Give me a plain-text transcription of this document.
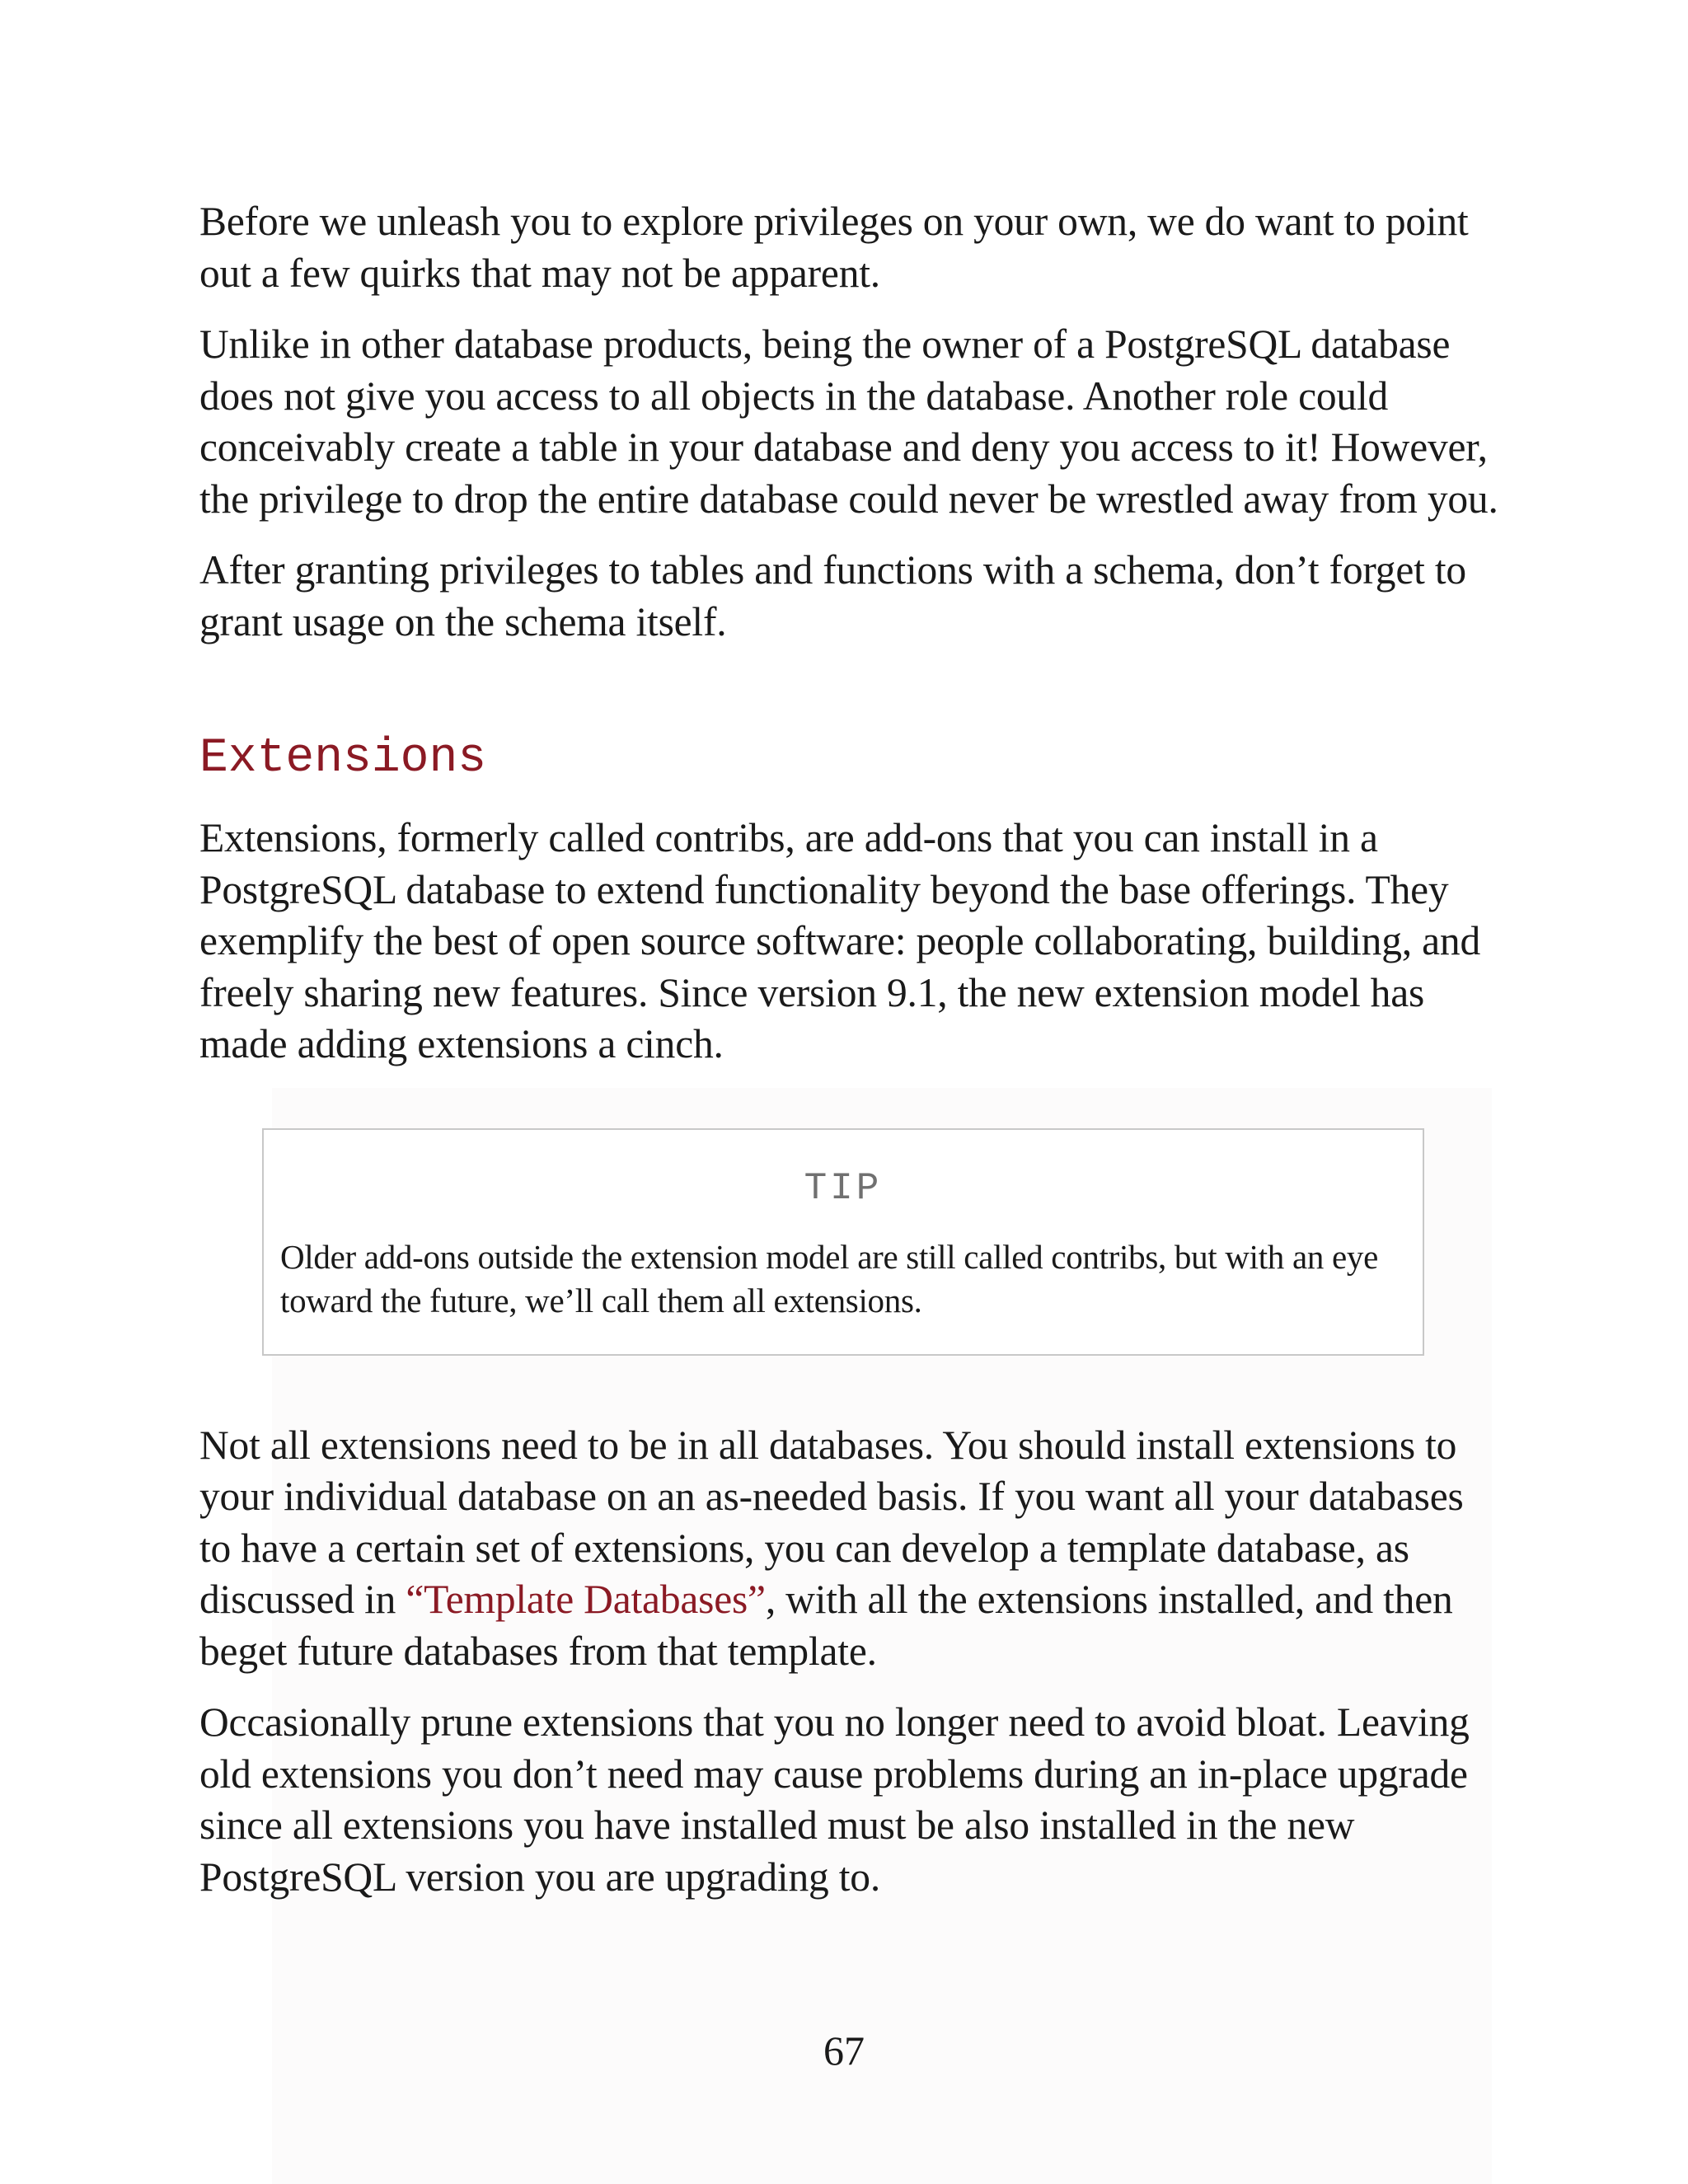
Before we unleash you to explore privileges on your own, we do want to point out a few quirks that may not be apparent.

Unlike in other database products, being the owner of a PostgreSQL database does not give you access to all objects in the database. Another role could conceivably create a table in your database and deny you access to it! However, the privilege to drop the entire database could never be wrestled away from you.

After granting privileges to tables and functions with a schema, don’t forget to grant usage on the schema itself.

Extensions

Extensions, formerly called contribs, are add-ons that you can install in a PostgreSQL database to extend functionality beyond the base offerings. They exemplify the best of open source software: people collaborating, building, and freely sharing new features. Since version 9.1, the new extension model has made adding extensions a cinch.

TIP
Older add-ons outside the extension model are still called contribs, but with an eye toward the future, we’ll call them all extensions.

Not all extensions need to be in all databases. You should install extensions to your individual database on an as-needed basis. If you want all your databases to have a certain set of extensions, you can develop a template database, as discussed in “Template Databases”, with all the extensions installed, and then beget future databases from that template.

Occasionally prune extensions that you no longer need to avoid bloat. Leaving old extensions you don’t need may cause problems during an in-place upgrade since all extensions you have installed must be also installed in the new PostgreSQL version you are upgrading to.

67
